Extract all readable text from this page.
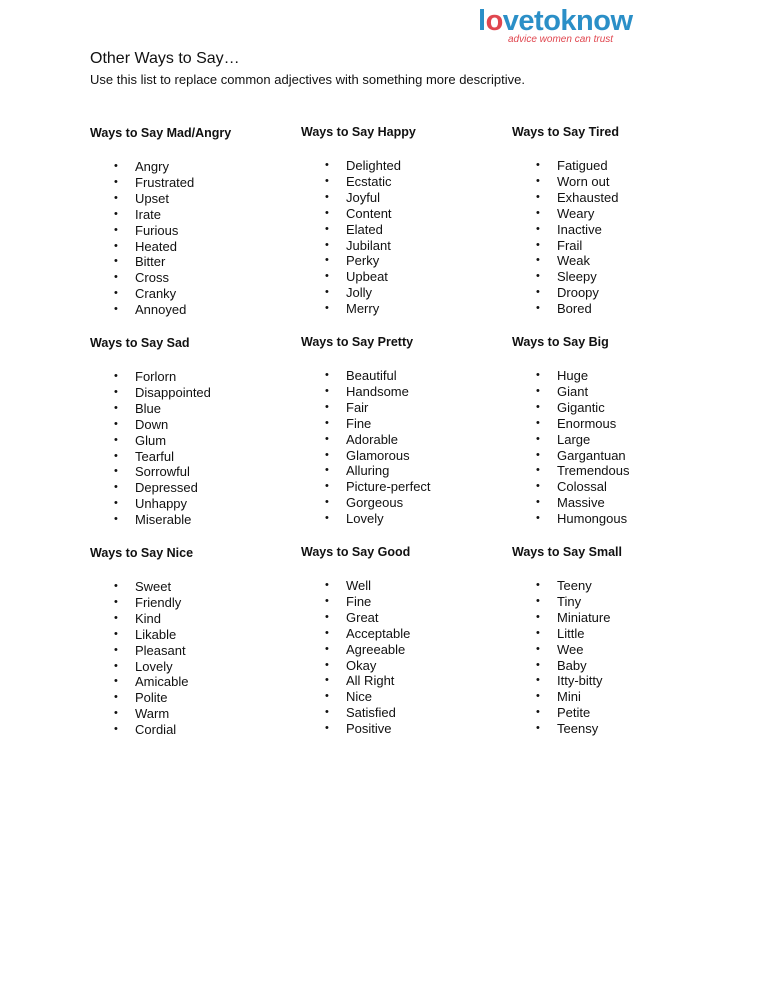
lovetoknow
advice women can trust
Other Ways to Say…
Use this list to replace common adjectives with something more descriptive.
Ways to Say Mad/Angry
• Angry
• Frustrated
• Upset
• Irate
• Furious
• Heated
• Bitter
• Cross
• Cranky
• Annoyed
Ways to Say Happy
• Delighted
• Ecstatic
• Joyful
• Content
• Elated
• Jubilant
• Perky
• Upbeat
• Jolly
• Merry
Ways to Say Tired
• Fatigued
• Worn out
• Exhausted
• Weary
• Inactive
• Frail
• Weak
• Sleepy
• Droopy
• Bored
Ways to Say Sad
• Forlorn
• Disappointed
• Blue
• Down
• Glum
• Tearful
• Sorrowful
• Depressed
• Unhappy
• Miserable
Ways to Say Pretty
• Beautiful
• Handsome
• Fair
• Fine
• Adorable
• Glamorous
• Alluring
• Picture-perfect
• Gorgeous
• Lovely
Ways to Say Big
• Huge
• Giant
• Gigantic
• Enormous
• Large
• Gargantuan
• Tremendous
• Colossal
• Massive
• Humongous
Ways to Say Nice
• Sweet
• Friendly
• Kind
• Likable
• Pleasant
• Lovely
• Amicable
• Polite
• Warm
• Cordial
Ways to Say Good
• Well
• Fine
• Great
• Acceptable
• Agreeable
• Okay
• All Right
• Nice
• Satisfied
• Positive
Ways to Say Small
• Teeny
• Tiny
• Miniature
• Little
• Wee
• Baby
• Itty-bitty
• Mini
• Petite
• Teensy
